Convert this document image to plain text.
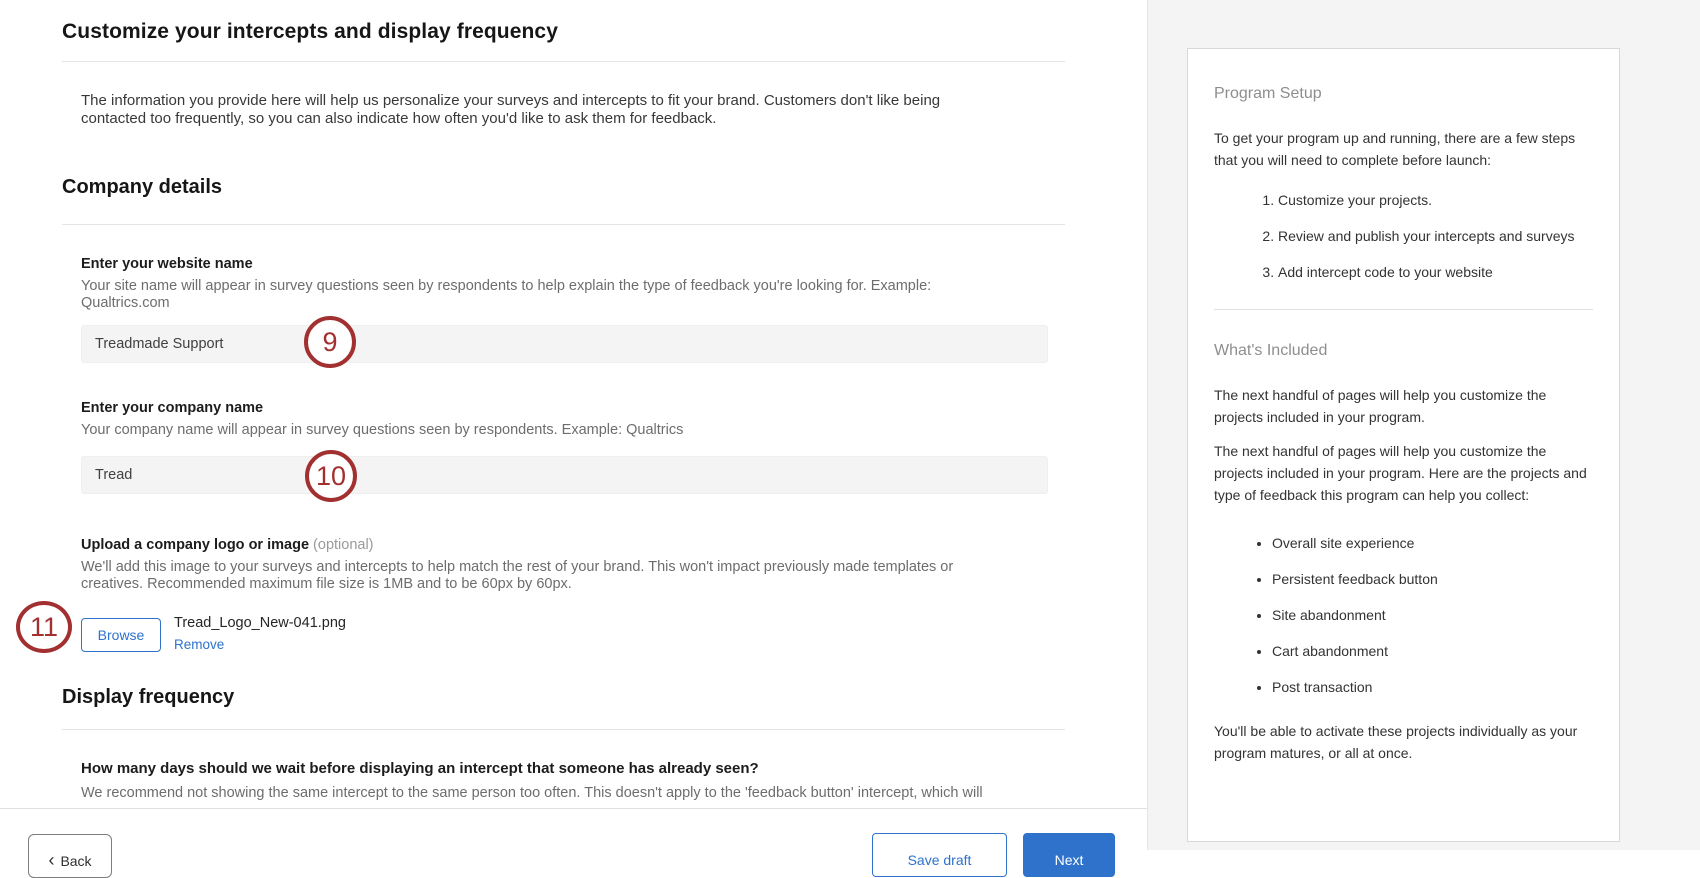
Customize your intercepts and display frequency

The information you provide here will help us personalize your surveys and intercepts to fit your brand. Customers don't like being contacted too frequently, so you can also indicate how often you'd like to ask them for feedback.

Company details
Enter your website name
Your site name will appear in survey questions seen by respondents to help explain the type of feedback you're looking for. Example: Qualtrics.com
Treadmade Support
Enter your company name
Your company name will appear in survey questions seen by respondents. Example: Qualtrics
Tread
Upload a company logo or image (optional)
We'll add this image to your surveys and intercepts to help match the rest of your brand. This won't impact previously made templates or creatives. Recommended maximum file size is 1MB and to be 60px by 60px.
Browse
Tread_Logo_New-041.png
Remove
Display frequency
How many days should we wait before displaying an intercept that someone has already seen?
We recommend not showing the same intercept to the same person too often. This doesn't apply to the 'feedback button' intercept, which will
‹ Back	Save draft	Next
9
10
11
Program Setup

To get your program up and running, there are a few steps that you will need to complete before launch:

1. Customize your projects.
2. Review and publish your intercepts and surveys
3. Add intercept code to your website
What's Included

The next handful of pages will help you customize the projects included in your program.

The next handful of pages will help you customize the projects included in your program. Here are the projects and type of feedback this program can help you collect:

• Overall site experience
• Persistent feedback button
• Site abandonment
• Cart abandonment
• Post transaction

You'll be able to activate these projects individually as your program matures, or all at once.
